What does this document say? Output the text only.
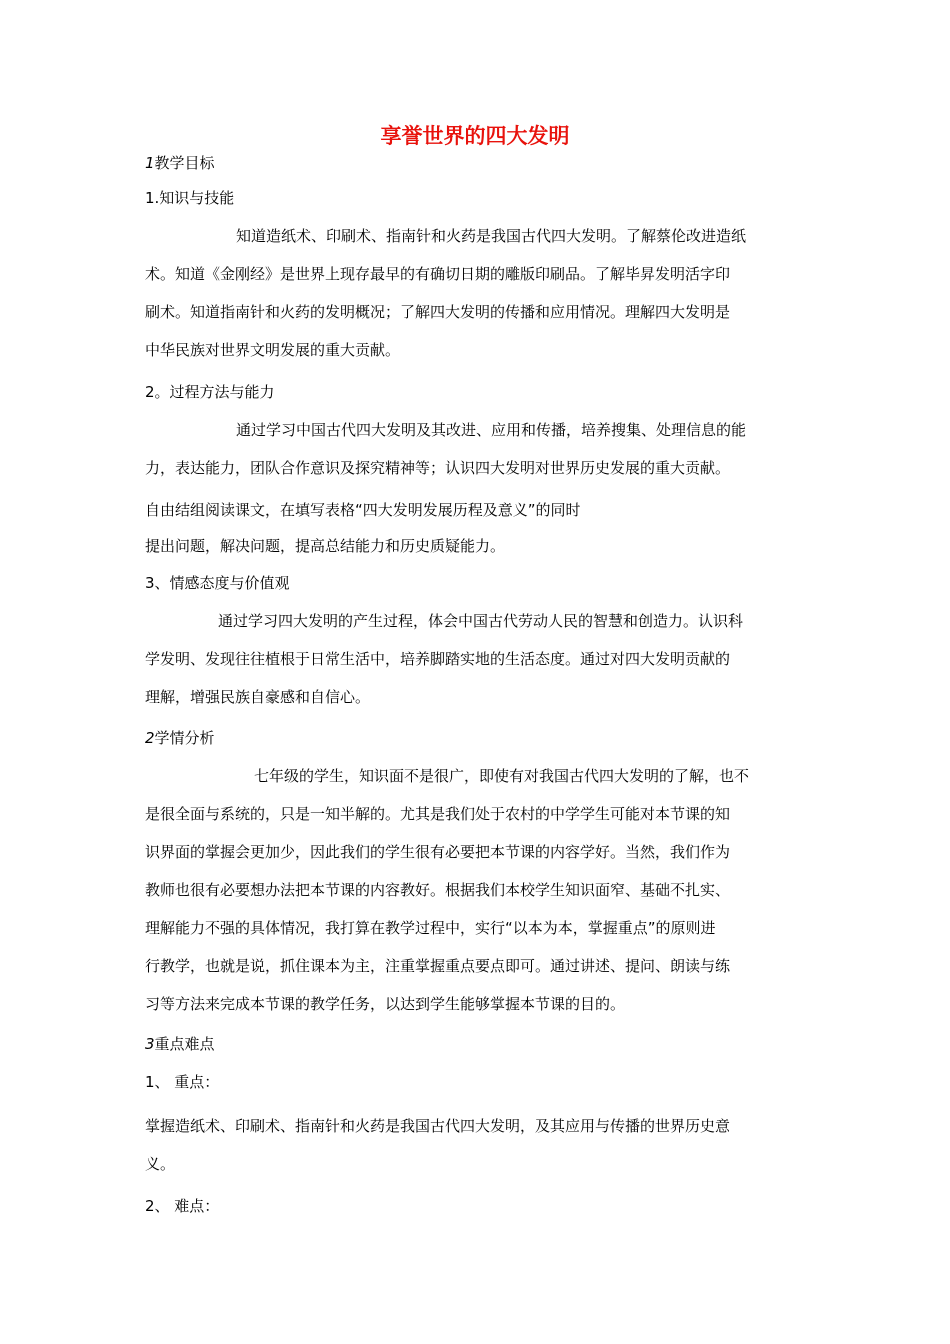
享誉世界的四大发明
1教学目标
1.知识与技能
知道造纸术、印刷术、指南针和火药是我国古代四大发明。了解蔡伦改进造纸
术。知道《金刚经》是世界上现存最早的有确切日期的雕版印刷品。了解毕昇发明活字印
刷术。知道指南针和火药的发明概况；了解四大发明的传播和应用情况。理解四大发明是
中华民族对世界文明发展的重大贡献。
2。过程方法与能力
通过学习中国古代四大发明及其改进、应用和传播，培养搜集、处理信息的能
力，表达能力，团队合作意识及探究精神等；认识四大发明对世界历史发展的重大贡献。
自由结组阅读课文，在填写表格“四大发明发展历程及意义”的同时
提出问题，解决问题，提高总结能力和历史质疑能力。
3、情感态度与价值观
通过学习四大发明的产生过程，体会中国古代劳动人民的智慧和创造力。认识科
学发明、发现往往植根于日常生活中，培养脚踏实地的生活态度。通过对四大发明贡献的
理解，增强民族自豪感和自信心。
2学情分析
七年级的学生，知识面不是很广，即使有对我国古代四大发明的了解，也不
是很全面与系统的，只是一知半解的。尤其是我们处于农村的中学学生可能对本节课的知
识界面的掌握会更加少，因此我们的学生很有必要把本节课的内容学好。当然，我们作为
教师也很有必要想办法把本节课的内容教好。根据我们本校学生知识面窄、基础不扎实、
理解能力不强的具体情况，我打算在教学过程中，实行“以本为本，掌握重点”的原则进
行教学，也就是说，抓住课本为主，注重掌握重点要点即可。通过讲述、提问、朗读与练
习等方法来完成本节课的教学任务，以达到学生能够掌握本节课的目的。
3重点难点
1、 重点：
掌握造纸术、印刷术、指南针和火药是我国古代四大发明，及其应用与传播的世界历史意
义。
2、 难点：
